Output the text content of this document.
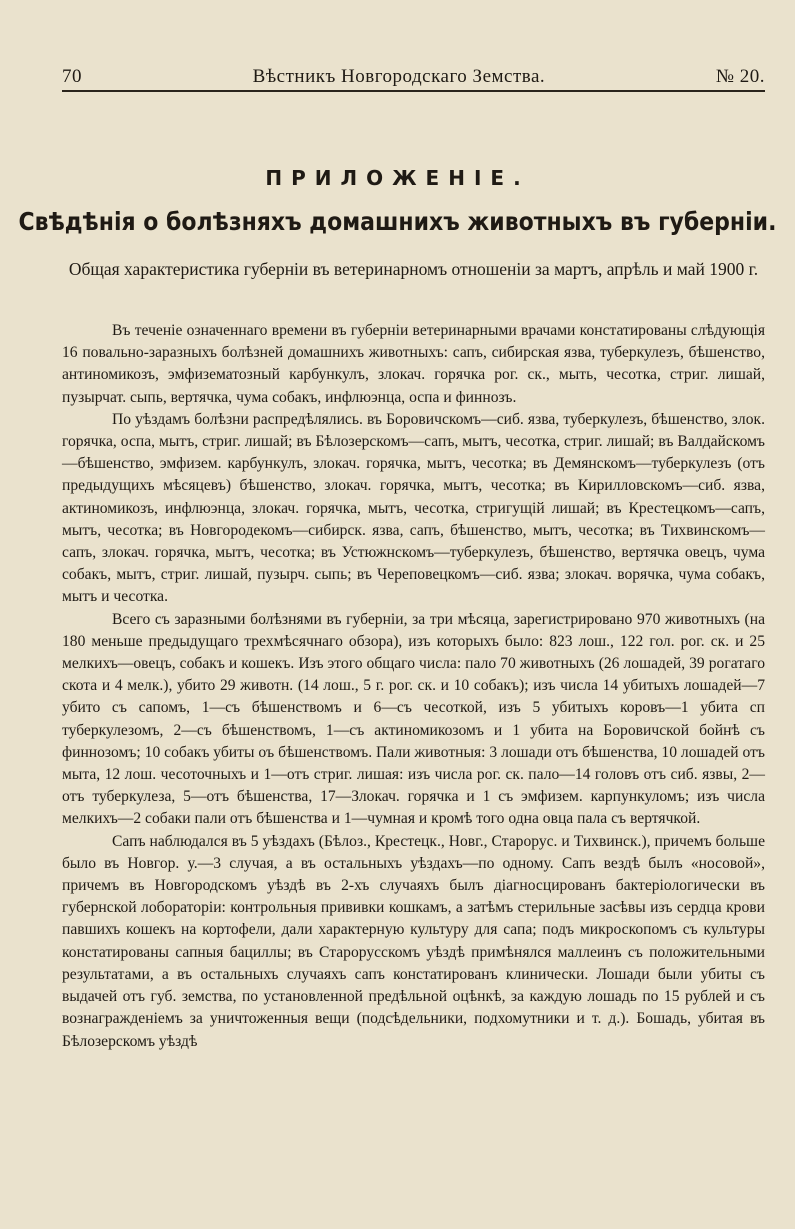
70	Вѣстникъ Новгородскаго Земства.	№ 20.
ПРИЛОЖЕНІЕ.
Свѣдѣнія о болѣзняхъ домашнихъ животныхъ въ губерніи.
Общая характеристика губерніи въ ветеринарномъ отношеніи за мартъ, апрѣль и май 1900 г.

Въ теченіе означеннаго времени въ губерніи ветеринарными врачами констатированы слѣдующія 16 повально-заразныхъ болѣзней домашнихъ животныхъ: сапъ, сибирская язва, туберкулезъ, бѣшенство, антиномикозъ, эмфизематозный карбункулъ, злокач. горячка рог. ск., мыть, чесотка, стриг. лишай, пузырчат. сыпь, вертячка, чума собакъ, инфлюэнца, оспа и финнозъ.

По уѣздамъ болѣзни распредѣлялись. въ Боровичскомъ—сиб. язва, туберкулезъ, бѣшенство, злок. горячка, оспа, мытъ, стриг. лишай; въ Бѣлозерскомъ—сапъ, мытъ, чесотка, стриг. лишай; въ Валдайскомъ—бѣшенство, эмфизем. карбункулъ, злокач. горячка, мытъ, чесотка; въ Демянскомъ—туберкулезъ (отъ предыдущихъ мѣсяцевъ) бѣшенство, злокач. горячка, мытъ, чесотка; въ Кирилловскомъ—сиб. язва, актиномикозъ, инфлюэнца, злокач. горячка, мытъ, чесотка, стригущій лишай; въ Крестецкомъ—сапъ, мытъ, чесотка; въ Новгородекомъ—сибирск. язва, сапъ, бѣшенство, мытъ, чесотка; въ Тихвинскомъ—сапъ, злокач. горячка, мытъ, чесотка; въ Устюжнскомъ—туберкулезъ, бѣшенство, вертячка овецъ, чума собакъ, мытъ, стриг. лишай, пузырч. сыпь; въ Череповецкомъ—сиб. язва; злокач. ворячка, чума собакъ, мытъ и чесотка.

Всего съ заразными болѣзнями въ губерніи, за три мѣсяца, зарегистрировано 970 животныхъ (на 180 меньше предыдущаго трехмѣсячнаго обзора), изъ которыхъ было: 823 лош., 122 гол. рог. ск. и 25 мелкихъ—овецъ, собакъ и кошекъ. Изъ этого общаго числа: пало 70 животныхъ (26 лошадей, 39 рогатаго скота и 4 мелк.), убито 29 животн. (14 лош., 5 г. рог. ск. и 10 собакъ); изъ числа 14 убитыхъ лошадей—7 убито съ сапомъ, 1—съ бѣшенствомъ и 6—съ чесоткой, изъ 5 убитыхъ коровъ—1 убита сп туберкулезомъ, 2—съ бѣшенствомъ, 1—съ актиномикозомъ и 1 убита на Боровичской бойнѣ съ финнозомъ; 10 собакъ убиты оъ бѣшенствомъ. Пали животныя: 3 лошади отъ бѣшенства, 10 лошадей отъ мыта, 12 лош. чесоточныхъ и 1—отъ стриг. лишая: изъ числа рог. ск. пало—14 головъ отъ сиб. язвы, 2—отъ туберкулеза, 5—отъ бѣшенства, 17—Злокач. горячка и 1 съ эмфизем. карпункуломъ; изъ числа мелкихъ—2 собаки пали отъ бѣшенства и 1—чумная и кромѣ того одна овца пала съ вертячкой.

Сапъ наблюдался въ 5 уѣздахъ (Бѣлоз., Крестецк., Новг., Старорус. и Тихвинск.), причемъ больше было въ Новгор. у.—3 случая, а въ остальныхъ уѣздахъ—по одному. Сапъ вездѣ былъ «носовой», причемъ въ Новгородскомъ уѣздѣ въ 2-хъ случаяхъ былъ діагносцированъ бактеріологически въ губернской лобораторіи: контрольныя прививки кошкамъ, а затѣмъ стерильные засѣвы изъ сердца крови павшихъ кошекъ на кортофели, дали характерную культуру для сапа; подъ микроскопомъ съ культуры констатированы сапныя бациллы; въ Старорусскомъ уѣздѣ примѣнялся маллеинъ съ положительными результатами, а въ остальныхъ случаяхъ сапъ констатированъ клинически. Лошади были убиты съ выдачей отъ губ. земства, по установленной предѣльной оцѣнкѣ, за каждую лошадь по 15 рублей и съ вознагражденіемъ за уничтоженныя вещи (подсѣдельники, подхомутники и т. д.). Бошадь, убитая въ Бѣлозерскомъ уѣздѣ
